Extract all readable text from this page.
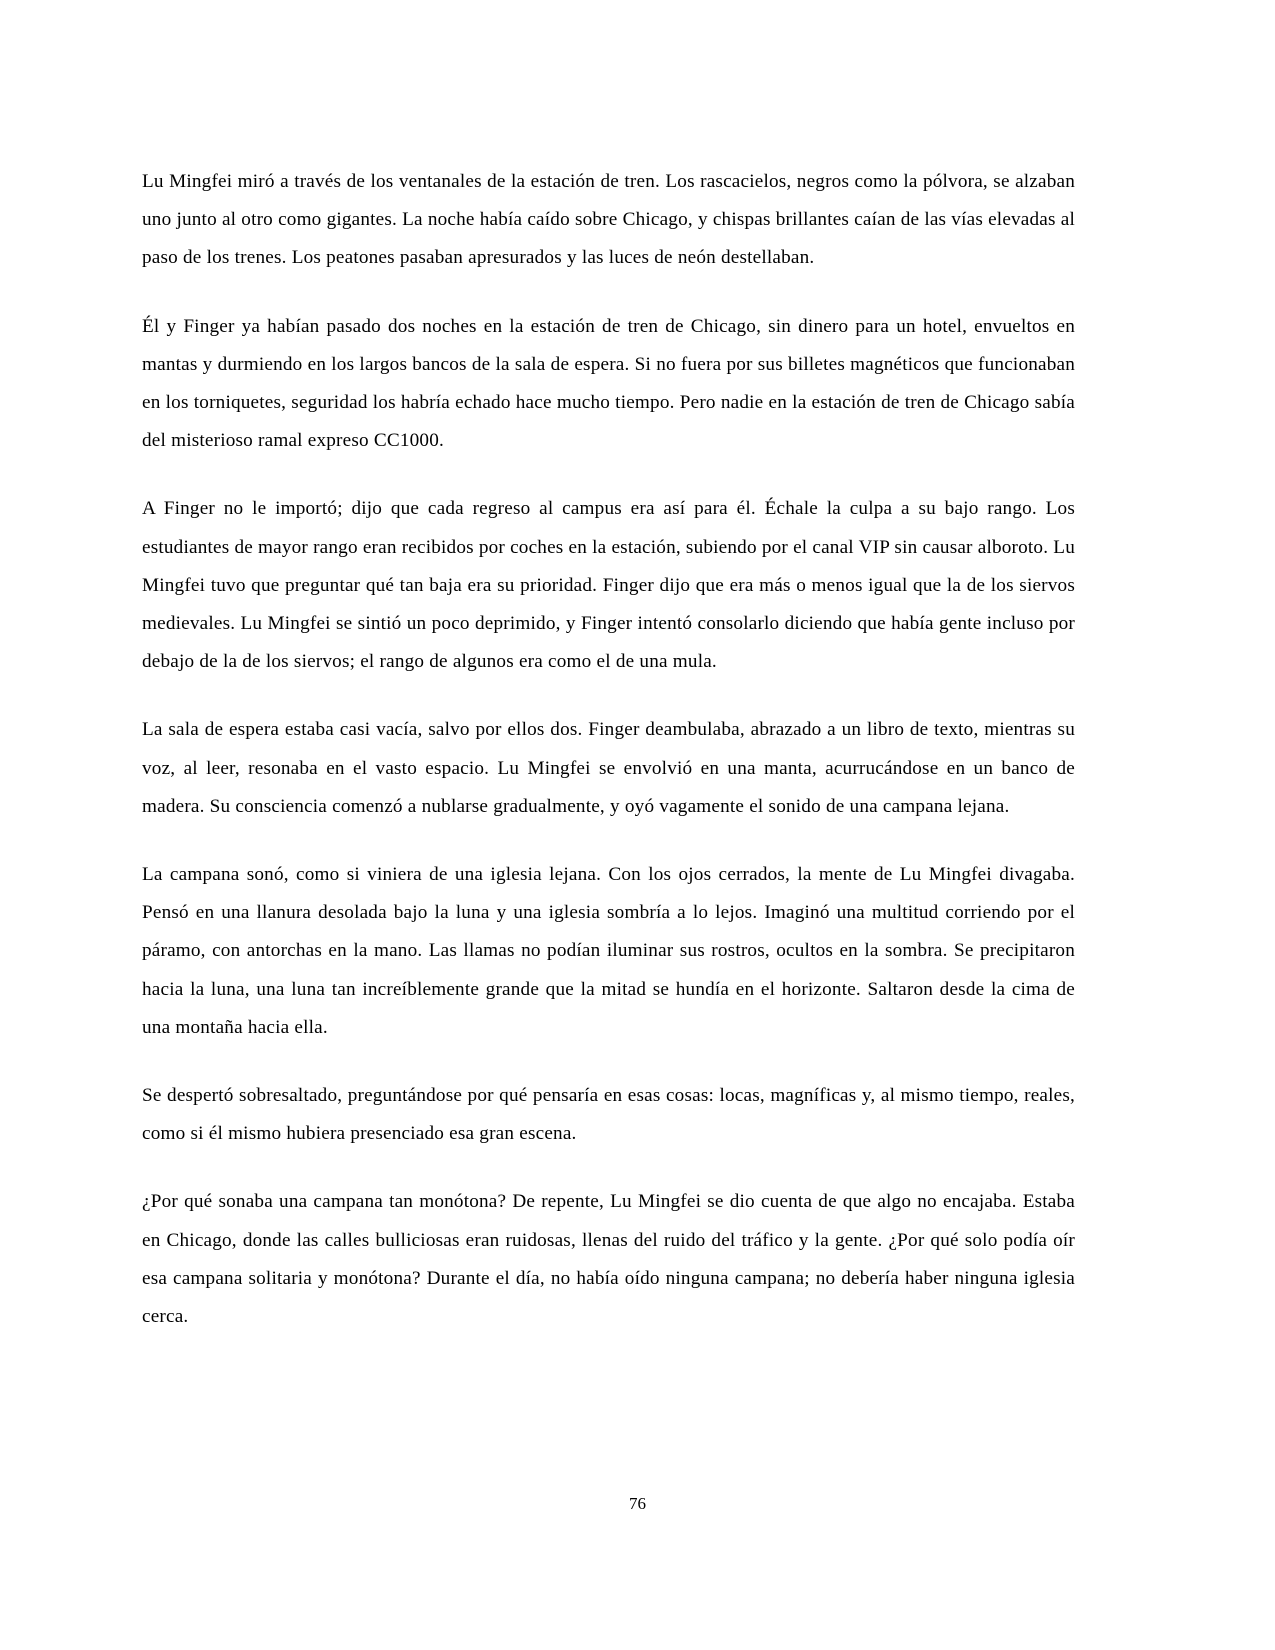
Lu Mingfei miró a través de los ventanales de la estación de tren. Los rascacielos, negros como la pólvora, se alzaban uno junto al otro como gigantes. La noche había caído sobre Chicago, y chispas brillantes caían de las vías elevadas al paso de los trenes. Los peatones pasaban apresurados y las luces de neón destellaban.

Él y Finger ya habían pasado dos noches en la estación de tren de Chicago, sin dinero para un hotel, envueltos en mantas y durmiendo en los largos bancos de la sala de espera. Si no fuera por sus billetes magnéticos que funcionaban en los torniquetes, seguridad los habría echado hace mucho tiempo. Pero nadie en la estación de tren de Chicago sabía del misterioso ramal expreso CC1000.

A Finger no le importó; dijo que cada regreso al campus era así para él. Échale la culpa a su bajo rango. Los estudiantes de mayor rango eran recibidos por coches en la estación, subiendo por el canal VIP sin causar alboroto. Lu Mingfei tuvo que preguntar qué tan baja era su prioridad. Finger dijo que era más o menos igual que la de los siervos medievales. Lu Mingfei se sintió un poco deprimido, y Finger intentó consolarlo diciendo que había gente incluso por debajo de la de los siervos; el rango de algunos era como el de una mula.

La sala de espera estaba casi vacía, salvo por ellos dos. Finger deambulaba, abrazado a un libro de texto, mientras su voz, al leer, resonaba en el vasto espacio. Lu Mingfei se envolvió en una manta, acurrucándose en un banco de madera. Su consciencia comenzó a nublarse gradualmente, y oyó vagamente el sonido de una campana lejana.

La campana sonó, como si viniera de una iglesia lejana. Con los ojos cerrados, la mente de Lu Mingfei divagaba. Pensó en una llanura desolada bajo la luna y una iglesia sombría a lo lejos. Imaginó una multitud corriendo por el páramo, con antorchas en la mano. Las llamas no podían iluminar sus rostros, ocultos en la sombra. Se precipitaron hacia la luna, una luna tan increíblemente grande que la mitad se hundía en el horizonte. Saltaron desde la cima de una montaña hacia ella.

Se despertó sobresaltado, preguntándose por qué pensaría en esas cosas: locas, magníficas y, al mismo tiempo, reales, como si él mismo hubiera presenciado esa gran escena.

¿Por qué sonaba una campana tan monótona? De repente, Lu Mingfei se dio cuenta de que algo no encajaba. Estaba en Chicago, donde las calles bulliciosas eran ruidosas, llenas del ruido del tráfico y la gente. ¿Por qué solo podía oír esa campana solitaria y monótona? Durante el día, no había oído ninguna campana; no debería haber ninguna iglesia cerca.

76
